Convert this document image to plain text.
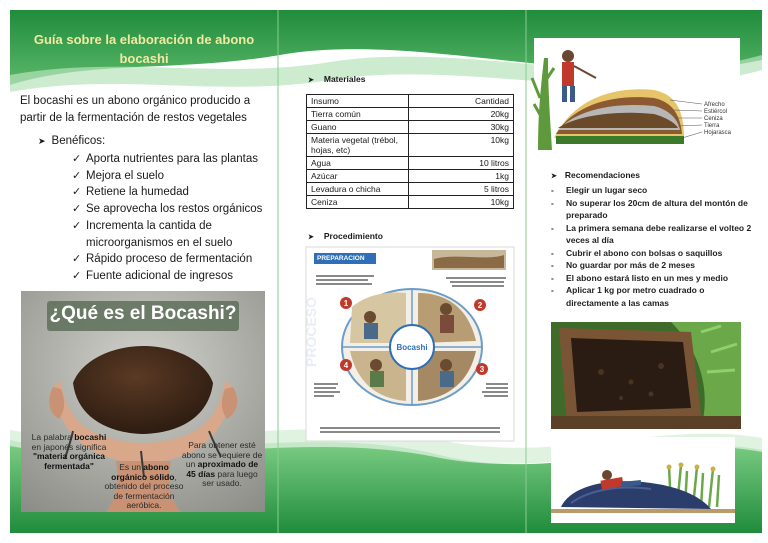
Guía sobre la elaboración de abono bocashi
El bocashi es un abono orgánico producido a partir de la fermentación de restos vegetales
➤ Benéficos:
✓ Aporta nutrientes para las plantas
✓ Mejora el suelo
✓ Retiene la humedad
✓ Se aprovecha los restos orgánicos
✓ Incrementa la cantida de microorganismos en el suelo
✓ Rápido proceso de fermentación
✓ Fuente adicional de ingresos
¿Qué es el Bocashi?
La palabra bocashi en japonés significa "materia orgánica fermentada"	Es un abono orgánico sólido, obtenido del proceso de fermentación aeróbica.
Para obtener esté abono se requiere de un aproximado de 45 días para luego ser usado.
➤ Materiales
Insumo	Cantidad
Tierra común	20kg
Guano	30kg
Materia vegetal (trébol, hojas, etc)	10kg
Agua	10 litros
Azúcar	1kg
Levadura o chicha	5 litros
Ceniza	10kg
➤ Procedimiento
PROCESO	Bocashi
1	2
3
4
PREPARACION
Afrecho
Estiércol
Ceniza
Tierra
Hojarasca
➤ Recomendaciones
- Elegir un lugar seco
- No superar los 20cm de altura del montón de preparado
- La primera semana debe realizarse el volteo 2 veces al día
- Cubrir el abono con bolsas o saquillos
- No guardar por más de 2 meses
- El abono estará listo en un mes y medio
- Aplicar 1 kg por metro cuadrado o directamente a las camas
